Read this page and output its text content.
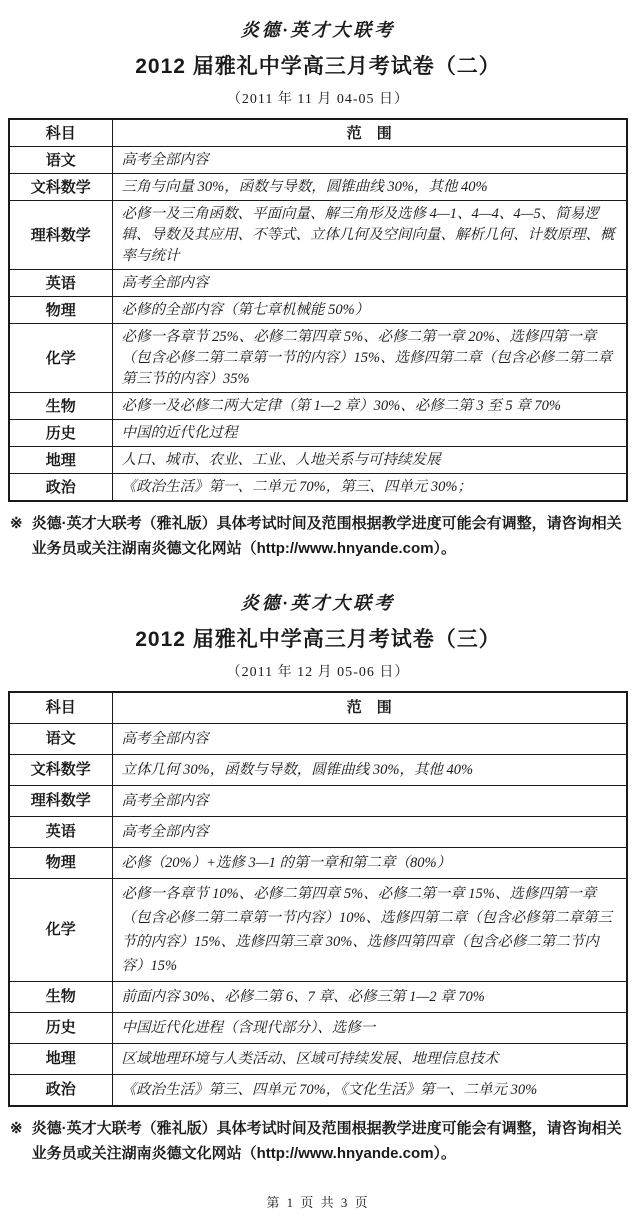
炎德·英才大联考
2012 届雅礼中学高三月考试卷（二）
（2011 年 11 月 04-05 日）
科目	范　围
语文	高考全部内容
文科数学	三角与向量 30%，函数与导数，圆锥曲线 30%，其他 40%
理科数学	必修一及三角函数、平面向量、解三角形及选修 4—1、4—4、4—5、简易逻辑、导数及其应用、不等式、立体几何及空间向量、解析几何、计数原理、概率与统计
英语	高考全部内容
物理	必修的全部内容（第七章机械能 50%）
化学	必修一各章节 25%、必修二第四章 5%、必修二第一章 20%、选修四第一章（包含必修二第二章第一节的内容）15%、选修四第二章（包含必修二第二章第三节的内容）35%
生物	必修一及必修二两大定律（第 1—2 章）30%、必修二第 3 至 5 章 70%
历史	中国的近代化过程
地理	人口、城市、农业、工业、人地关系与可持续发展
政治	《政治生活》第一、二单元 70%，第三、四单元 30%；
※ 炎德·英才大联考（雅礼版）具体考试时间及范围根据教学进度可能会有调整，请咨询相关业务员或关注湖南炎德文化网站（http://www.hnyande.com）。
炎德·英才大联考
2012 届雅礼中学高三月考试卷（三）
（2011 年 12 月 05-06 日）
科目	范　围
语文	高考全部内容
文科数学	立体几何 30%，函数与导数，圆锥曲线 30%，其他 40%
理科数学	高考全部内容
英语	高考全部内容
物理	必修（20%）+选修 3—1 的第一章和第二章（80%）
化学	必修一各章节 10%、必修二第四章 5%、必修二第一章 15%、选修四第一章（包含必修二第二章第一节内容）10%、选修四第二章（包含必修第二章第三节的内容）15%、选修四第三章 30%、选修四第四章（包含必修二第二节内容）15%
生物	前面内容 30%、必修二第 6、7 章、必修三第 1—2 章 70%
历史	中国近代化进程（含现代部分）、选修一
地理	区域地理环境与人类活动、区域可持续发展、地理信息技术
政治	《政治生活》第三、四单元 70%，《文化生活》第一、二单元 30%
※ 炎德·英才大联考（雅礼版）具体考试时间及范围根据教学进度可能会有调整，请咨询相关业务员或关注湖南炎德文化网站（http://www.hnyande.com）。
第 1 页 共 3 页
